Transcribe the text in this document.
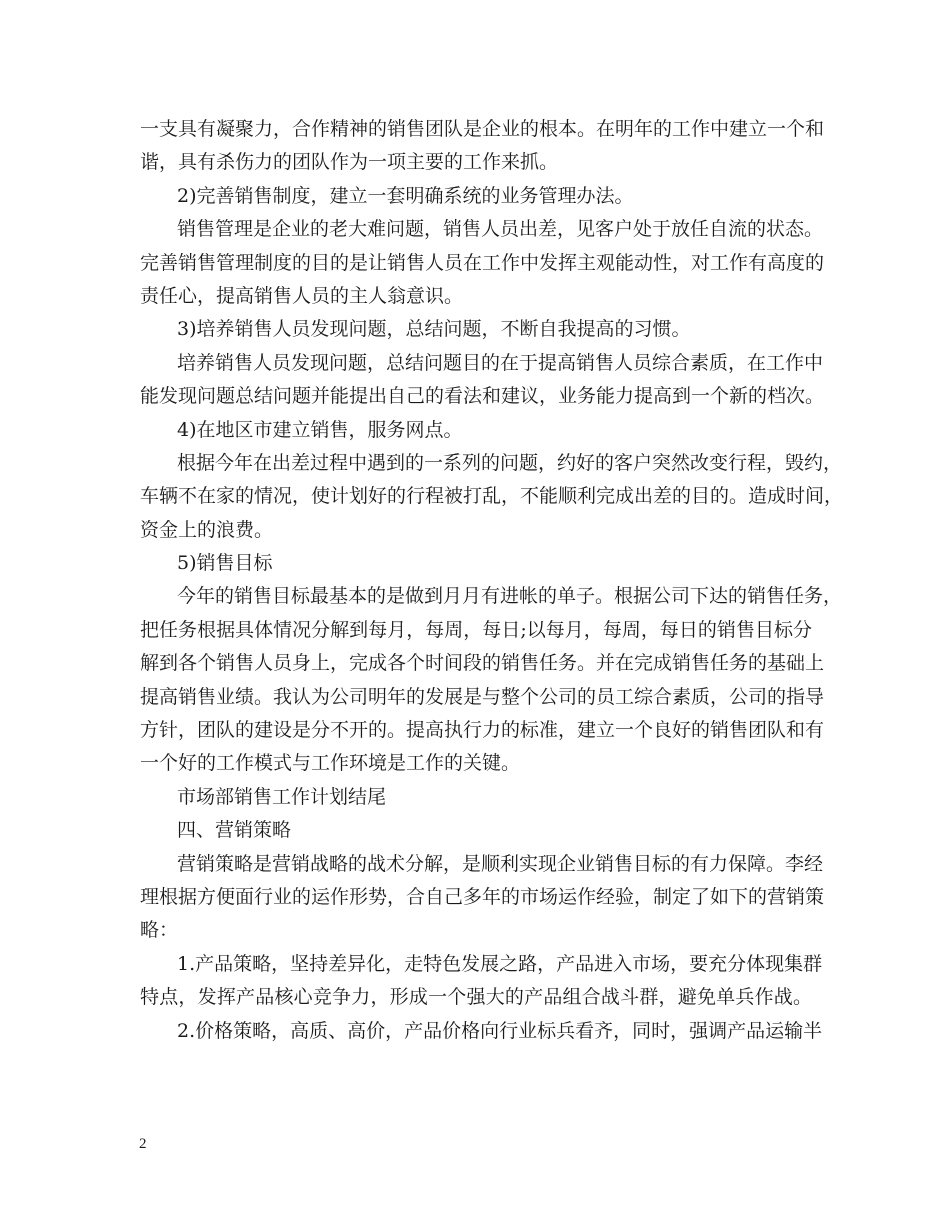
一支具有凝聚力，合作精神的销售团队是企业的根本。在明年的工作中建立一个和
谐，具有杀伤力的团队作为一项主要的工作来抓。
2)完善销售制度，建立一套明确系统的业务管理办法。
销售管理是企业的老大难问题，销售人员出差，见客户处于放任自流的状态。
完善销售管理制度的目的是让销售人员在工作中发挥主观能动性，对工作有高度的
责任心，提高销售人员的主人翁意识。
3)培养销售人员发现问题，总结问题，不断自我提高的习惯。
培养销售人员发现问题，总结问题目的在于提高销售人员综合素质，在工作中
能发现问题总结问题并能提出自己的看法和建议，业务能力提高到一个新的档次。
4)在地区市建立销售，服务网点。
根据今年在出差过程中遇到的一系列的问题，约好的客户突然改变行程，毁约，
车辆不在家的情况，使计划好的行程被打乱，不能顺利完成出差的目的。造成时间，
资金上的浪费。
5)销售目标
今年的销售目标最基本的是做到月月有进帐的单子。根据公司下达的销售任务，
把任务根据具体情况分解到每月，每周，每日;以每月，每周，每日的销售目标分
解到各个销售人员身上，完成各个时间段的销售任务。并在完成销售任务的基础上
提高销售业绩。我认为公司明年的发展是与整个公司的员工综合素质，公司的指导
方针，团队的建设是分不开的。提高执行力的标准，建立一个良好的销售团队和有
一个好的工作模式与工作环境是工作的关键。
市场部销售工作计划结尾
四、营销策略
营销策略是营销战略的战术分解，是顺利实现企业销售目标的有力保障。李经
理根据方便面行业的运作形势，合自己多年的市场运作经验，制定了如下的营销策
略：
1.产品策略，坚持差异化，走特色发展之路，产品进入市场，要充分体现集群
特点，发挥产品核心竞争力，形成一个强大的产品组合战斗群，避免单兵作战。
2.价格策略，高质、高价，产品价格向行业标兵看齐，同时，强调产品运输半
2
